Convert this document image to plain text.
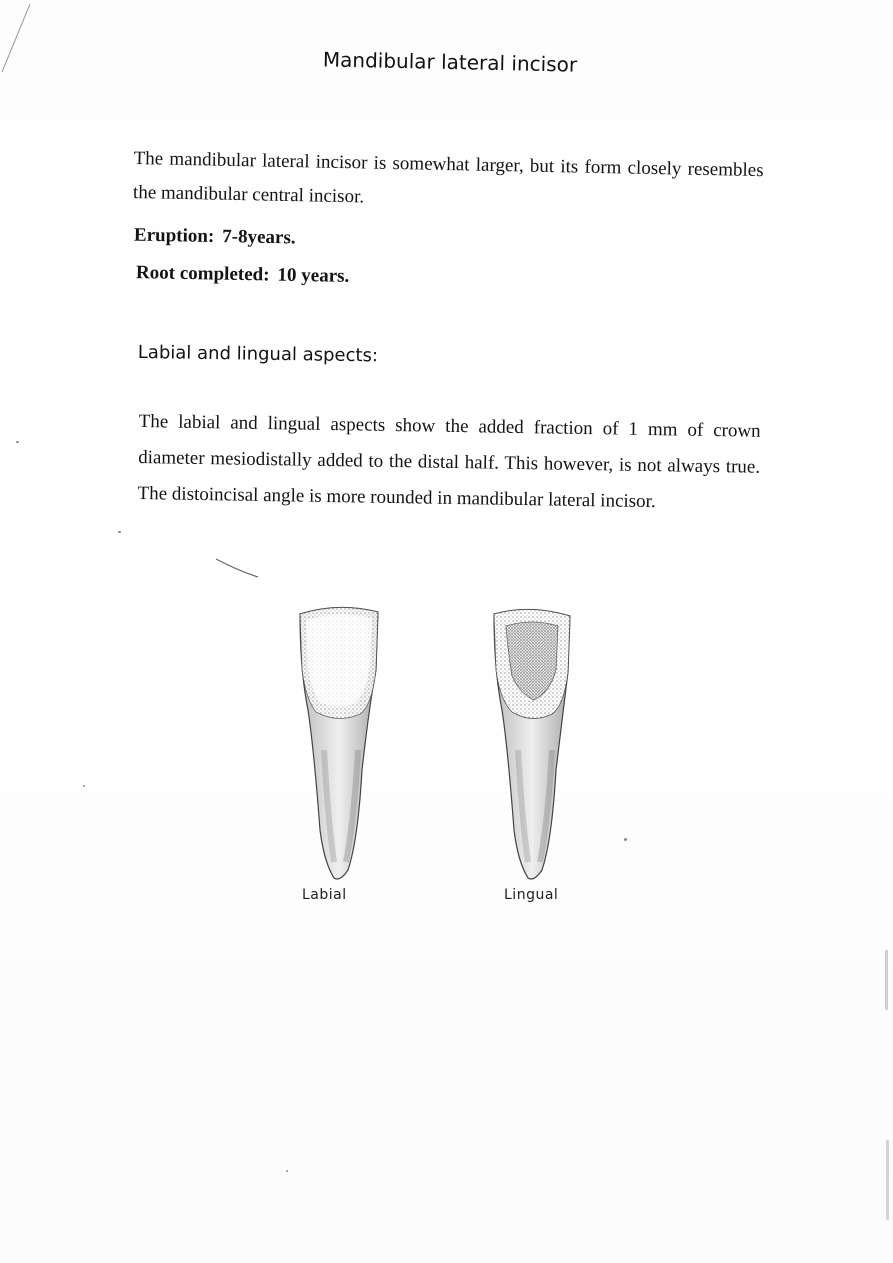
Mandibular lateral incisor
The mandibular lateral incisor is somewhat larger, but its form closely resembles the mandibular central incisor.
Eruption: 7-8years.
Root completed: 10 years.
Labial and lingual aspects:
The labial and lingual aspects show the added fraction of 1 mm of crown diameter mesiodistally added to the distal half. This however, is not always true. The distoincisal angle is more rounded in mandibular lateral incisor.
Labial	Lingual
